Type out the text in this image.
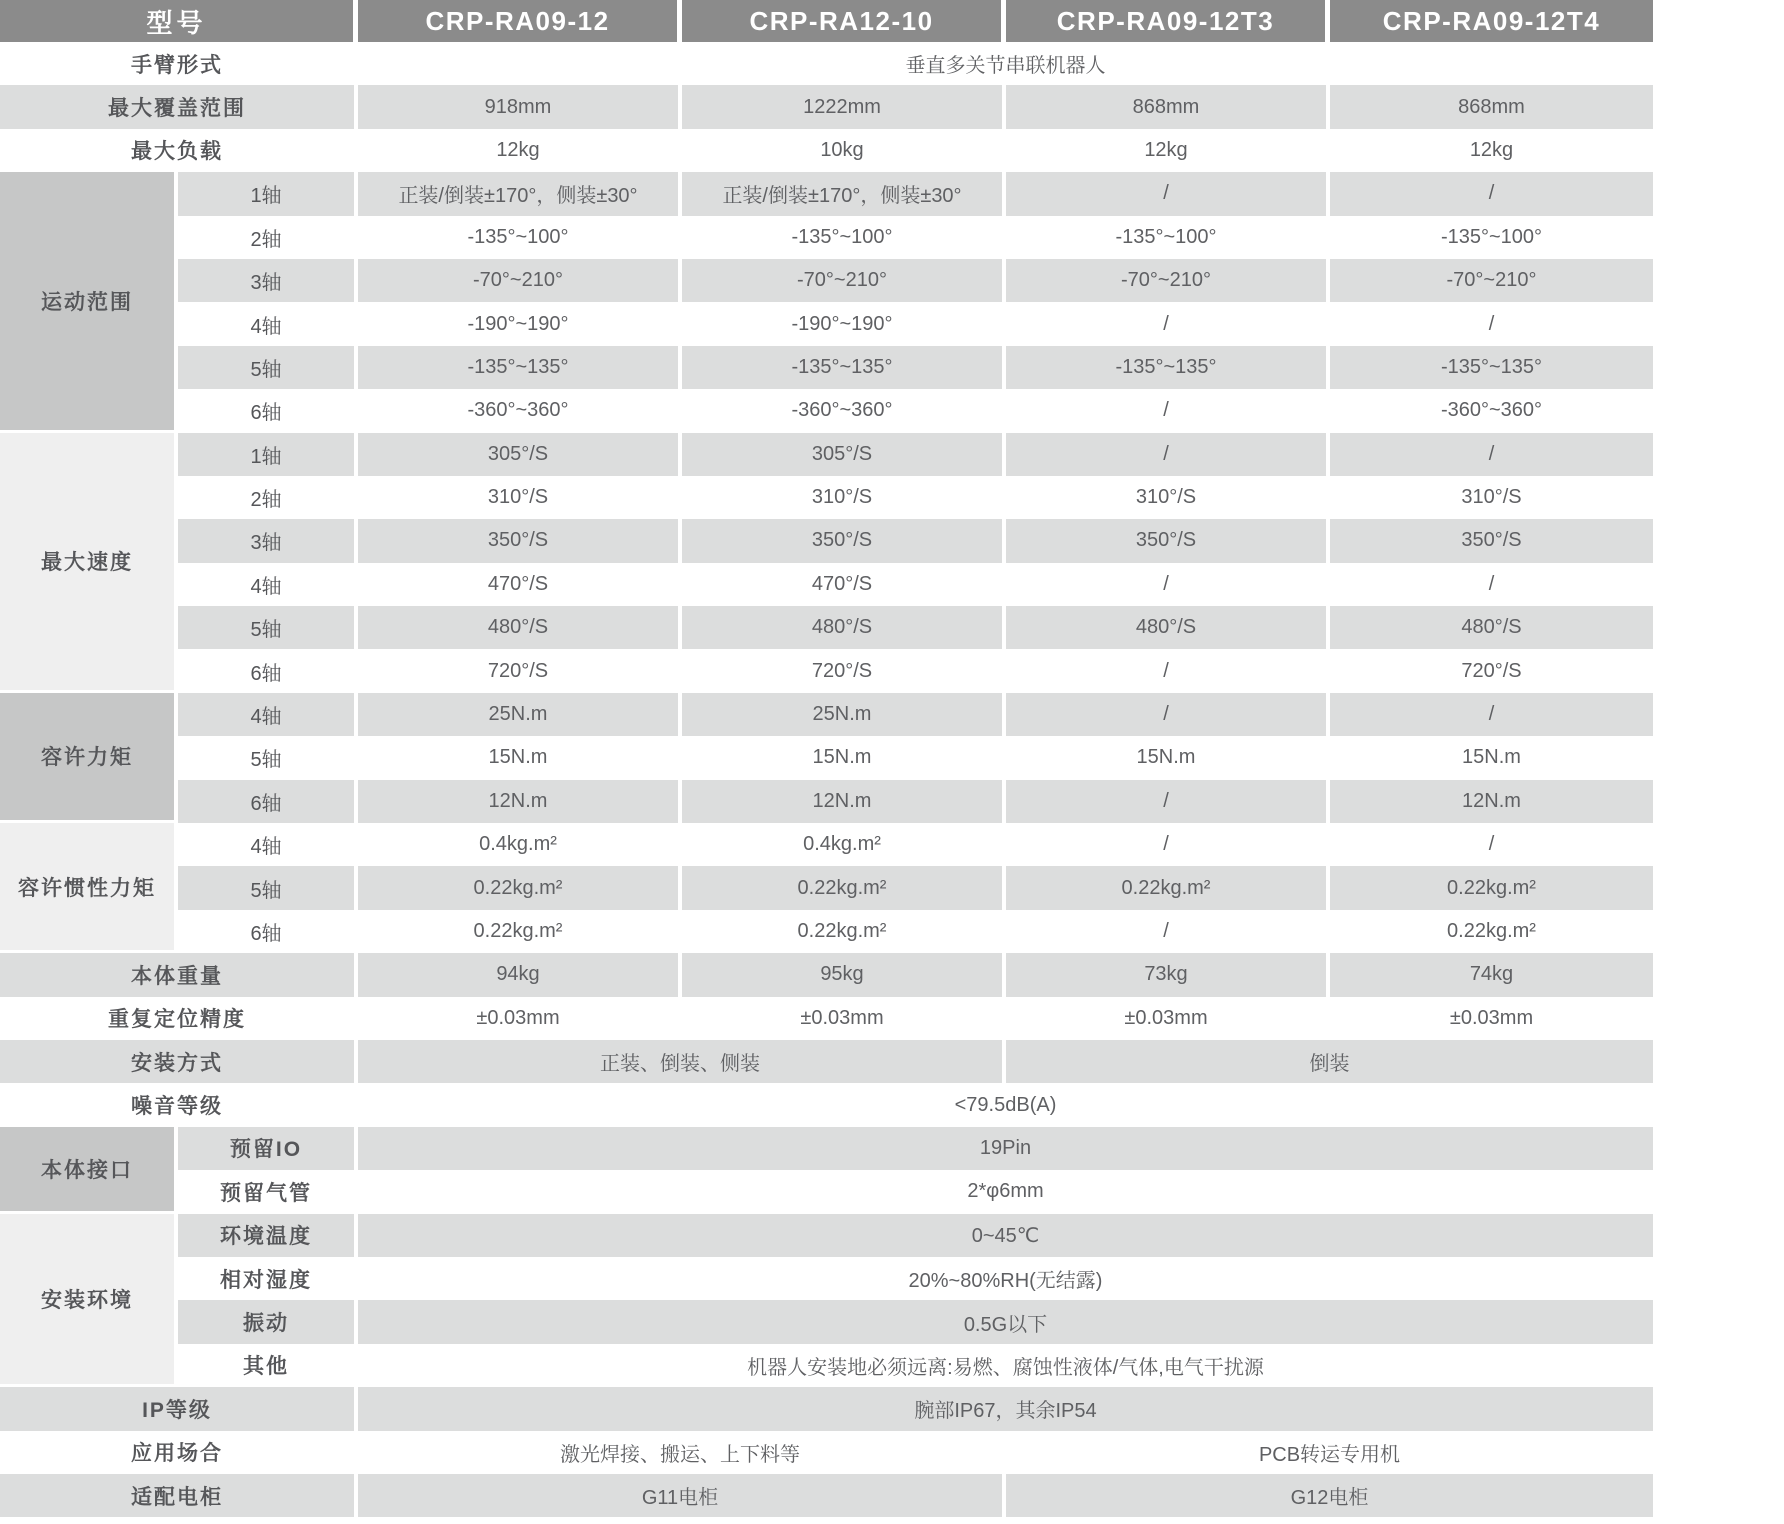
型号	CRP-RA09-12	CRP-RA12-10	CRP-RA09-12T3	CRP-RA09-12T4
手臂形式	垂直多关节串联机器人
最大覆盖范围	918mm	1222mm	868mm	868mm
最大负载	12kg	10kg	12kg	12kg
运动范围
1轴	正装/倒装±170°，侧装±30°	正装/倒装±170°，侧装±30°	/	/
2轴	-135°~100°	-135°~100°	-135°~100°	-135°~100°
3轴	-70°~210°	-70°~210°	-70°~210°	-70°~210°
4轴	-190°~190°	-190°~190°	/	/
5轴	-135°~135°	-135°~135°	-135°~135°	-135°~135°
6轴	-360°~360°	-360°~360°	/	-360°~360°
最大速度
1轴	305°/S	305°/S	/	/
2轴	310°/S	310°/S	310°/S	310°/S
3轴	350°/S	350°/S	350°/S	350°/S
4轴	470°/S	470°/S	/	/
5轴	480°/S	480°/S	480°/S	480°/S
6轴	720°/S	720°/S	/	720°/S
容许力矩
4轴	25N.m	25N.m	/	/
5轴	15N.m	15N.m	15N.m	15N.m
6轴	12N.m	12N.m	/	12N.m
容许惯性力矩
4轴	0.4kg.m²	0.4kg.m²	/	/
5轴	0.22kg.m²	0.22kg.m²	0.22kg.m²	0.22kg.m²
6轴	0.22kg.m²	0.22kg.m²	/	0.22kg.m²
本体重量	94kg	95kg	73kg	74kg
重复定位精度	±0.03mm	±0.03mm	±0.03mm	±0.03mm
安装方式	正装、倒装、侧装	倒装
噪音等级	<79.5dB(A)
本体接口
预留IO	19Pin
预留气管	2*φ6mm
安装环境
环境温度	0~45℃
相对湿度	20%~80%RH(无结露)
振动	0.5G以下
其他	机器人安装地必须远离:易燃、腐蚀性液体/气体,电气干扰源
IP等级	腕部IP67，其余IP54
应用场合	激光焊接、搬运、上下料等	PCB转运专用机
适配电柜	G11电柜	G12电柜
